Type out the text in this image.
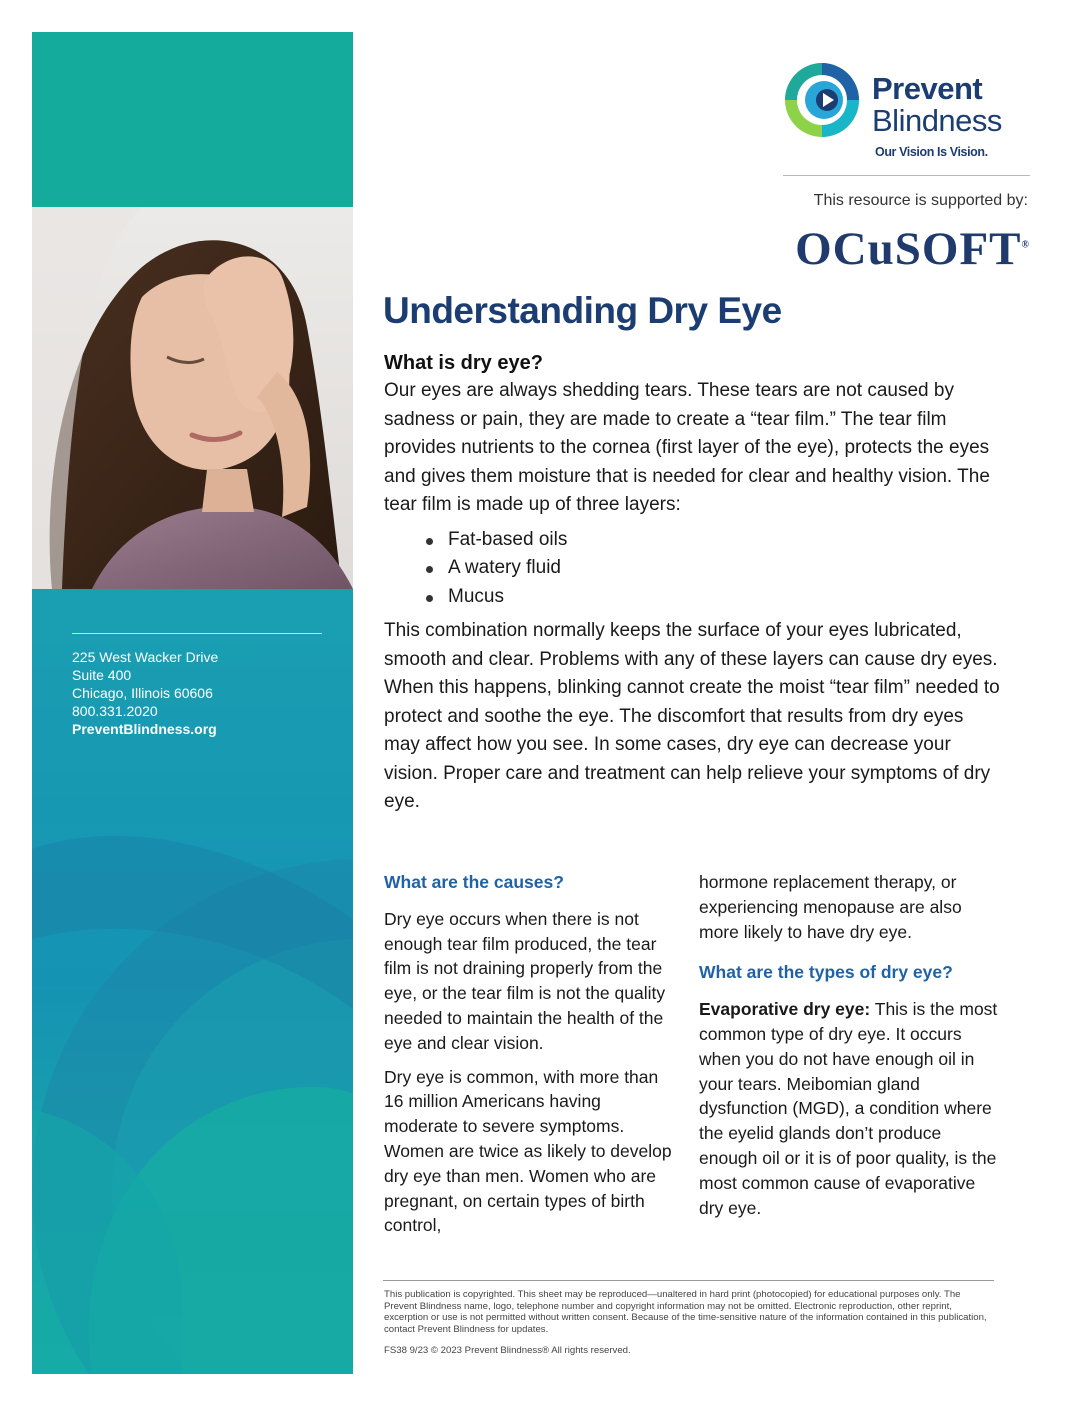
225 West Wacker Drive
Suite 400
Chicago, Illinois 60606
800.331.2020
PreventBlindness.org
Prevent
Blindness
Our Vision Is Vision.
This resource is supported by:
OCuSOFT®
Understanding Dry Eye
What is dry eye?

Our eyes are always shedding tears. These tears are not caused by sadness or pain, they are made to create a “tear film.” The tear film provides nutrients to the cornea (first layer of the eye), protects the eyes and gives them moisture that is needed for clear and healthy vision. The tear film is made up of three layers:

Fat-based oils
A watery fluid
Mucus

This combination normally keeps the surface of your eyes lubricated, smooth and clear. Problems with any of these layers can cause dry eyes. When this happens, blinking cannot create the moist “tear film” needed to protect and soothe the eye. The discomfort that results from dry eyes may affect how you see. In some cases, dry eye can decrease your vision. Proper care and treatment can help relieve your symptoms of dry eye.

What are the causes?

Dry eye occurs when there is not enough tear film produced, the tear film is not draining properly from the eye, or the tear film is not the quality needed to maintain the health of the eye and clear vision.

Dry eye is common, with more than 16 million Americans having moderate to severe symptoms. Women are twice as likely to develop dry eye than men. Women who are pregnant, on certain types of birth control,

hormone replacement therapy, or experiencing menopause are also more likely to have dry eye.

What are the types of dry eye?

Evaporative dry eye: This is the most common type of dry eye. It occurs when you do not have enough oil in your tears. Meibomian gland dysfunction (MGD), a condition where the eyelid glands don’t produce enough oil or it is of poor quality, is the most common cause of evaporative dry eye.

This publication is copyrighted. This sheet may be reproduced—unaltered in hard print (photocopied) for educational purposes only. The Prevent Blindness name, logo, telephone number and copyright information may not be omitted. Electronic reproduction, other reprint, excerption or use is not permitted without written consent. Because of the time-sensitive nature of the information contained in this publication, contact Prevent Blindness for updates.
FS38 9/23 © 2023 Prevent Blindness® All rights reserved.
